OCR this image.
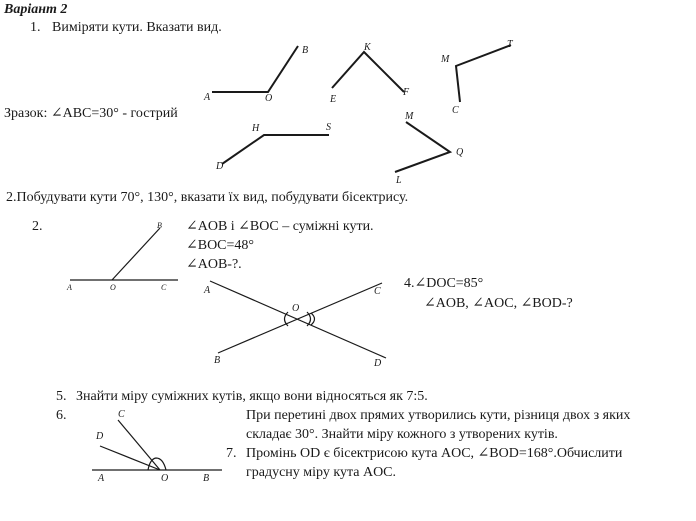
Варіант 2
1. Виміряти кути. Вказати вид.
Зразок: ∠ABC=30° - гострий
A	O
B	K
E
F
M
T
C
H	S
D
M
Q
L
2.Побудувати кути 70°, 130°, вказати їх вид, побудувати бісектрису.
2.	∠AOB і ∠BOC – суміжні кути.
∠BOC=48°
∠AOB-?.
A	O	C
B
4.∠DOC=85°
∠AOB, ∠AOC, ∠BOD-?
A	C
O
B	D
5. Знайти міру суміжних кутів, якщо вони відносяться як 7:5.
6.	При перетині двох прямих утворились кути, різниця двох з яких
складає 30°. Знайти міру кожного з утворених кутів.
C
D
A	O	B
7. Промінь OD є бісектрисою кута AOC, ∠BOD=168°.Обчислити
градусну міру кута AOC.
